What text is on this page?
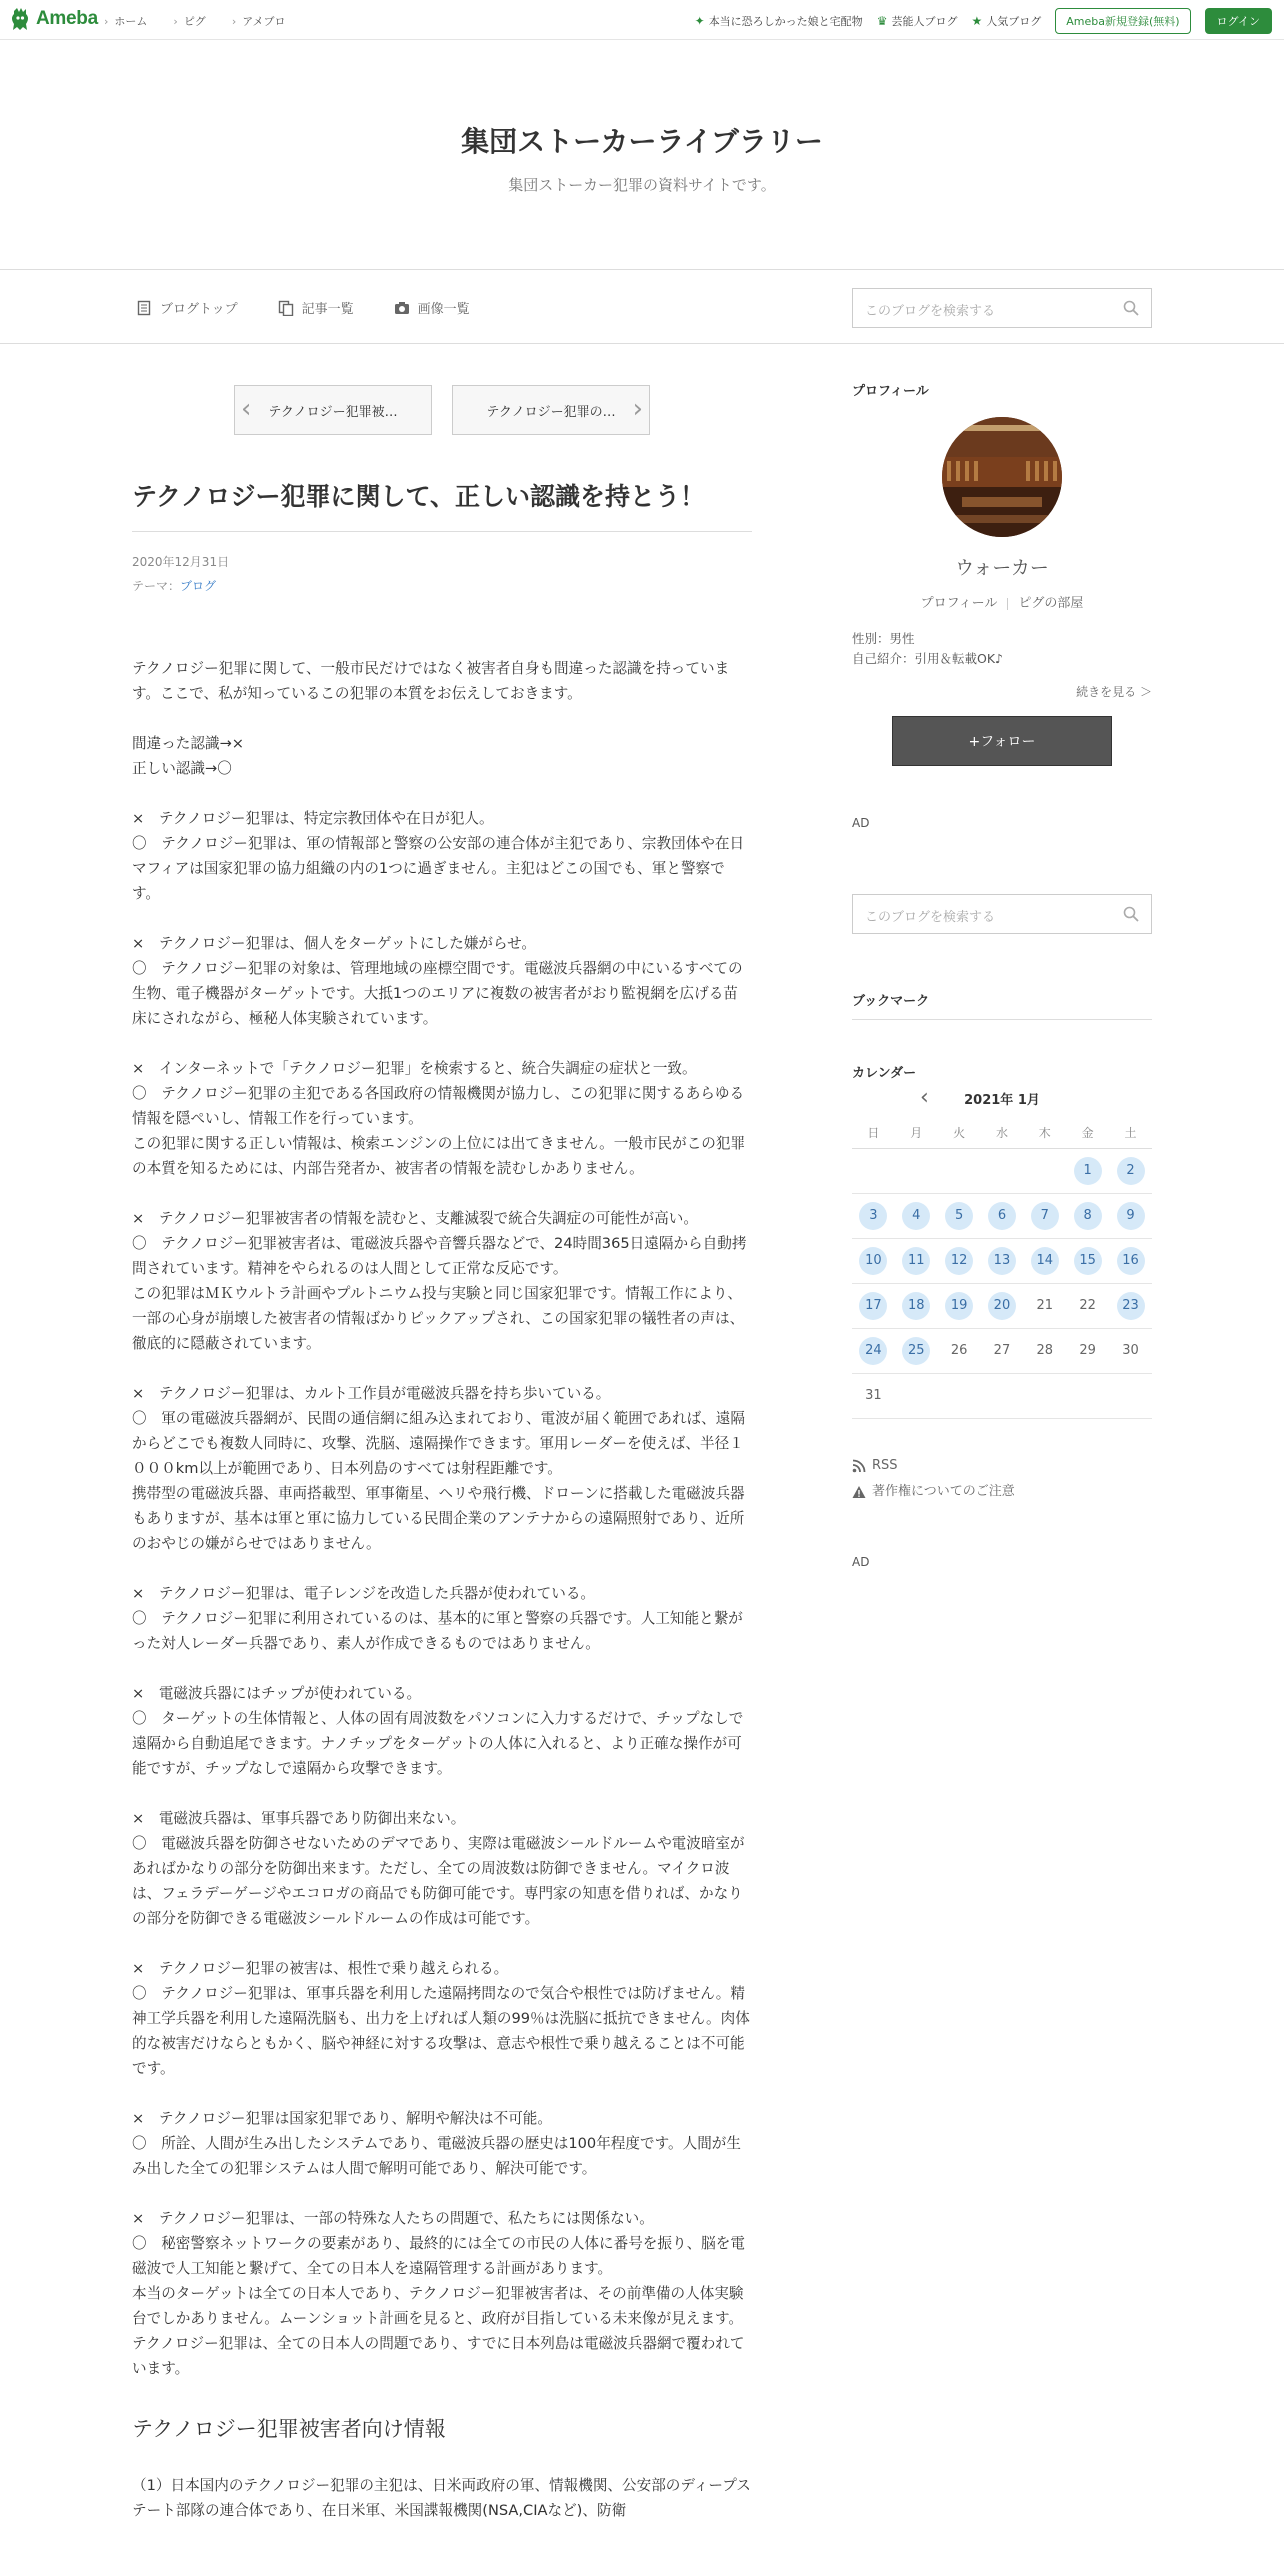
Ameba	› ホーム	› ピグ	› アメブロ	✦ 本当に恐ろしかった娘と宅配物 ♛ 芸能人ブログ ★ 人気ブログ	Ameba新規登録(無料)	ログイン
集団ストーカーライブラリー
集団ストーカー犯罪の資料サイトです。
ブログトップ	記事一覧	画像一覧	このブログを検索する
‹ テクノロジー犯罪被…	テクノロジー犯罪の… ›
テクノロジー犯罪に関して、正しい認識を持とう！
2020年12月31日
テーマ：ブログ

テクノロジー犯罪に関して、一般市民だけではなく被害者自身も間違った認識を持っています。ここで、私が知っているこの犯罪の本質をお伝えしておきます。

間違った認識→×
正しい認識→〇

×　テクノロジー犯罪は、特定宗教団体や在日が犯人。
〇　テクノロジー犯罪は、軍の情報部と警察の公安部の連合体が主犯であり、宗教団体や在日マフィアは国家犯罪の協力組織の内の1つに過ぎません。主犯はどこの国でも、軍と警察です。

×　テクノロジー犯罪は、個人をターゲットにした嫌がらせ。
〇　テクノロジー犯罪の対象は、管理地域の座標空間です。電磁波兵器網の中にいるすべての生物、電子機器がターゲットです。大抵1つのエリアに複数の被害者がおり監視網を広げる苗床にされながら、極秘人体実験されています。

×　インターネットで「テクノロジー犯罪」を検索すると、統合失調症の症状と一致。
〇　テクノロジー犯罪の主犯である各国政府の情報機関が協力し、この犯罪に関するあらゆる情報を隠ぺいし、情報工作を行っています。
この犯罪に関する正しい情報は、検索エンジンの上位には出てきません。一般市民がこの犯罪の本質を知るためには、内部告発者か、被害者の情報を読むしかありません。

×　テクノロジー犯罪被害者の情報を読むと、支離滅裂で統合失調症の可能性が高い。
〇　テクノロジー犯罪被害者は、電磁波兵器や音響兵器などで、24時間365日遠隔から自動拷問されています。精神をやられるのは人間として正常な反応です。
この犯罪はＭＫウルトラ計画やプルトニウム投与実験と同じ国家犯罪です。情報工作により、一部の心身が崩壊した被害者の情報ばかりピックアップされ、この国家犯罪の犠牲者の声は、徹底的に隠蔽されています。

×　テクノロジー犯罪は、カルト工作員が電磁波兵器を持ち歩いている。
〇　軍の電磁波兵器網が、民間の通信網に組み込まれており、電波が届く範囲であれば、遠隔からどこでも複数人同時に、攻撃、洗脳、遠隔操作できます。軍用レーダーを使えば、半径１０００km以上が範囲であり、日本列島のすべては射程距離です。
携帯型の電磁波兵器、車両搭載型、軍事衛星、ヘリや飛行機、ドローンに搭載した電磁波兵器もありますが、基本は軍と軍に協力している民間企業のアンテナからの遠隔照射であり、近所のおやじの嫌がらせではありません。

×　テクノロジー犯罪は、電子レンジを改造した兵器が使われている。
〇　テクノロジー犯罪に利用されているのは、基本的に軍と警察の兵器です。人工知能と繋がった対人レーダー兵器であり、素人が作成できるものではありません。

×　電磁波兵器にはチップが使われている。
〇　ターゲットの生体情報と、人体の固有周波数をパソコンに入力するだけで、チップなしで遠隔から自動追尾できます。ナノチップをターゲットの人体に入れると、より正確な操作が可能ですが、チップなしで遠隔から攻撃できます。

×　電磁波兵器は、軍事兵器であり防御出来ない。
〇　電磁波兵器を防御させないためのデマであり、実際は電磁波シールドルームや電波暗室があればかなりの部分を防御出来ます。ただし、全ての周波数は防御できません。マイクロ波は、フェラデーゲージやエコロガの商品でも防御可能です。専門家の知恵を借りれば、かなりの部分を防御できる電磁波シールドルームの作成は可能です。

×　テクノロジー犯罪の被害は、根性で乗り越えられる。
〇　テクノロジー犯罪は、軍事兵器を利用した遠隔拷問なので気合や根性では防げません。精神工学兵器を利用した遠隔洗脳も、出力を上げれば人類の99％は洗脳に抵抗できません。肉体的な被害だけならともかく、脳や神経に対する攻撃は、意志や根性で乗り越えることは不可能です。

×　テクノロジー犯罪は国家犯罪であり、解明や解決は不可能。
〇　所詮、人間が生み出したシステムであり、電磁波兵器の歴史は100年程度です。人間が生み出した全ての犯罪システムは人間で解明可能であり、解決可能です。

×　テクノロジー犯罪は、一部の特殊な人たちの問題で、私たちには関係ない。
〇　秘密警察ネットワークの要素があり、最終的には全ての市民の人体に番号を振り、脳を電磁波で人工知能と繋げて、全ての日本人を遠隔管理する計画があります。
本当のターゲットは全ての日本人であり、テクノロジー犯罪被害者は、その前準備の人体実験台でしかありません。ムーンショット計画を見ると、政府が目指している未来像が見えます。テクノロジー犯罪は、全ての日本人の問題であり、すでに日本列島は電磁波兵器網で覆われています。

テクノロジー犯罪被害者向け情報
（1）日本国内のテクノロジー犯罪の主犯は、日米両政府の軍、情報機関、公安部のディープステート部隊の連合体であり、在日米軍、米国諜報機関(NSA,CIAなど)、防衛
プロフィール
ウォーカー
プロフィール ピグの部屋
性別：男性
自己紹介：引用＆転載OK♪
続きを見る ＞
+フォロー
AD
このブログを検索する
ブックマーク
カレンダー
‹	2021年 1月
日	月	火	水	木	金	土
					1	2
3	4	5	6	7	8	9
10	11	12	13	14	15	16
17	18	19	20	21	22	23
24	25	26	27	28	29	30
31						
RSS
著作権についてのご注意
AD
